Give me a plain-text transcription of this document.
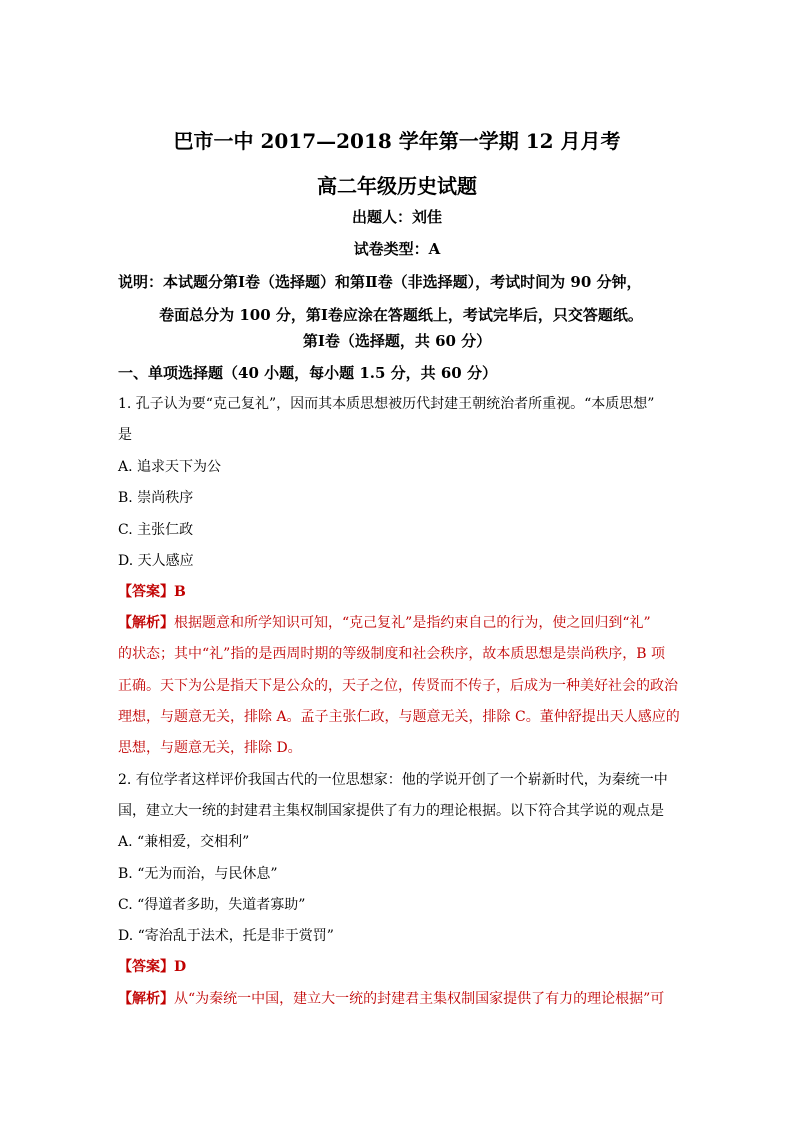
巴市一中 2017—2018 学年第一学期 12 月月考
高二年级历史试题
出题人：刘佳
试卷类型：A
说明：本试题分第Ⅰ卷（选择题）和第Ⅱ卷（非选择题），考试时间为 90 分钟，
卷面总分为 100 分，第Ⅰ卷应涂在答题纸上，考试完毕后，只交答题纸。
第Ⅰ卷（选择题，共 60 分）
一、单项选择题（40 小题，每小题 1.5 分，共 60 分）
1. 孔子认为要“克己复礼”，因而其本质思想被历代封建王朝统治者所重视。“本质思想”
是
A. 追求天下为公
B. 崇尚秩序
C. 主张仁政
D. 天人感应
【答案】B
【解析】根据题意和所学知识可知，“克己复礼”是指约束自己的行为，使之回归到“礼”
的状态；其中“礼”指的是西周时期的等级制度和社会秩序，故本质思想是崇尚秩序，B 项
正确。天下为公是指天下是公众的，天子之位，传贤而不传子，后成为一种美好社会的政治
理想，与题意无关，排除 A。孟子主张仁政，与题意无关，排除 C。董仲舒提出天人感应的
思想，与题意无关，排除 D。
2. 有位学者这样评价我国古代的一位思想家：他的学说开创了一个崭新时代，为秦统一中
国，建立大一统的封建君主集权制国家提供了有力的理论根据。以下符合其学说的观点是
A. “兼相爱，交相利”
B. “无为而治，与民休息”
C. “得道者多助，失道者寡助”
D. “寄治乱于法术，托是非于赏罚”
【答案】D
【解析】从“为秦统一中国，建立大一统的封建君主集权制国家提供了有力的理论根据”可
